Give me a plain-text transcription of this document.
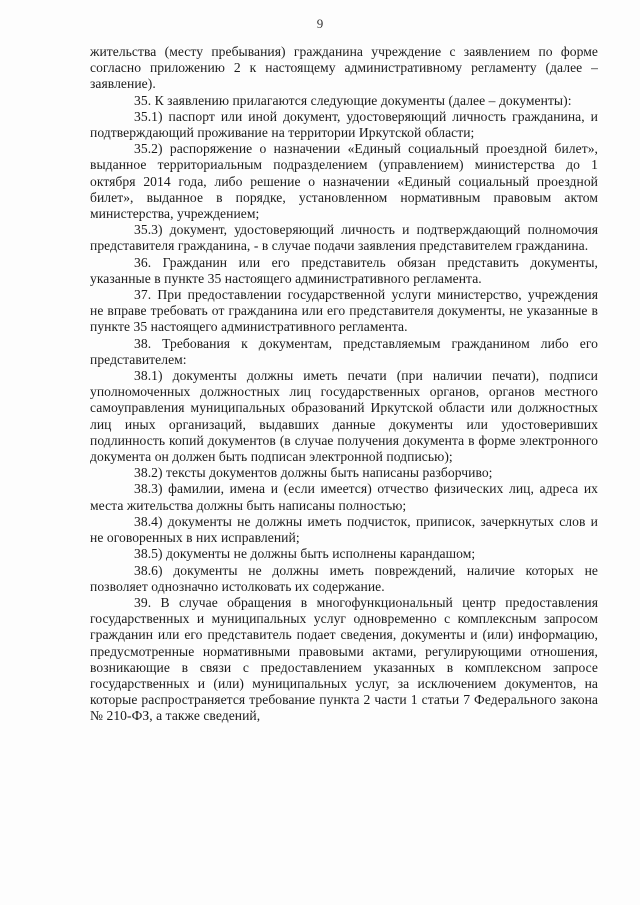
9

жительства (месту пребывания) гражданина учреждение с заявлением по форме согласно приложению 2 к настоящему административному регламенту (далее – заявление).

35. К заявлению прилагаются следующие документы (далее – документы):

35.1) паспорт или иной документ, удостоверяющий личность гражданина, и подтверждающий проживание на территории Иркутской области;

35.2) распоряжение о назначении «Единый социальный проездной билет», выданное территориальным подразделением (управлением) министерства до 1 октября 2014 года, либо решение о назначении «Единый социальный проездной билет», выданное в порядке, установленном нормативным правовым актом министерства, учреждением;

35.3) документ, удостоверяющий личность и подтверждающий полномочия представителя гражданина, - в случае подачи заявления представителем гражданина.

36. Гражданин или его представитель обязан представить документы, указанные в пункте 35 настоящего административного регламента.

37. При предоставлении государственной услуги министерство, учреждения не вправе требовать от гражданина или его представителя документы, не указанные в пункте 35 настоящего административного регламента.

38. Требования к документам, представляемым гражданином либо его представителем:

38.1) документы должны иметь печати (при наличии печати), подписи уполномоченных должностных лиц государственных органов, органов местного самоуправления муниципальных образований Иркутской области или должностных лиц иных организаций, выдавших данные документы или удостоверивших подлинность копий документов (в случае получения документа в форме электронного документа он должен быть подписан электронной подписью);

38.2) тексты документов должны быть написаны разборчиво;

38.3) фамилии, имена и (если имеется) отчество физических лиц, адреса их места жительства должны быть написаны полностью;

38.4) документы не должны иметь подчисток, приписок, зачеркнутых слов и не оговоренных в них исправлений;

38.5) документы не должны быть исполнены карандашом;

38.6) документы не должны иметь повреждений, наличие которых не позволяет однозначно истолковать их содержание.

39. В случае обращения в многофункциональный центр предоставления государственных и муниципальных услуг одновременно с комплексным запросом гражданин или его представитель подает сведения, документы и (или) информацию, предусмотренные нормативными правовыми актами, регулирующими отношения, возникающие в связи с предоставлением указанных в комплексном запросе государственных и (или) муниципальных услуг, за исключением документов, на которые распространяется требование пункта 2 части 1 статьи 7 Федерального закона № 210-ФЗ, а также сведений,
